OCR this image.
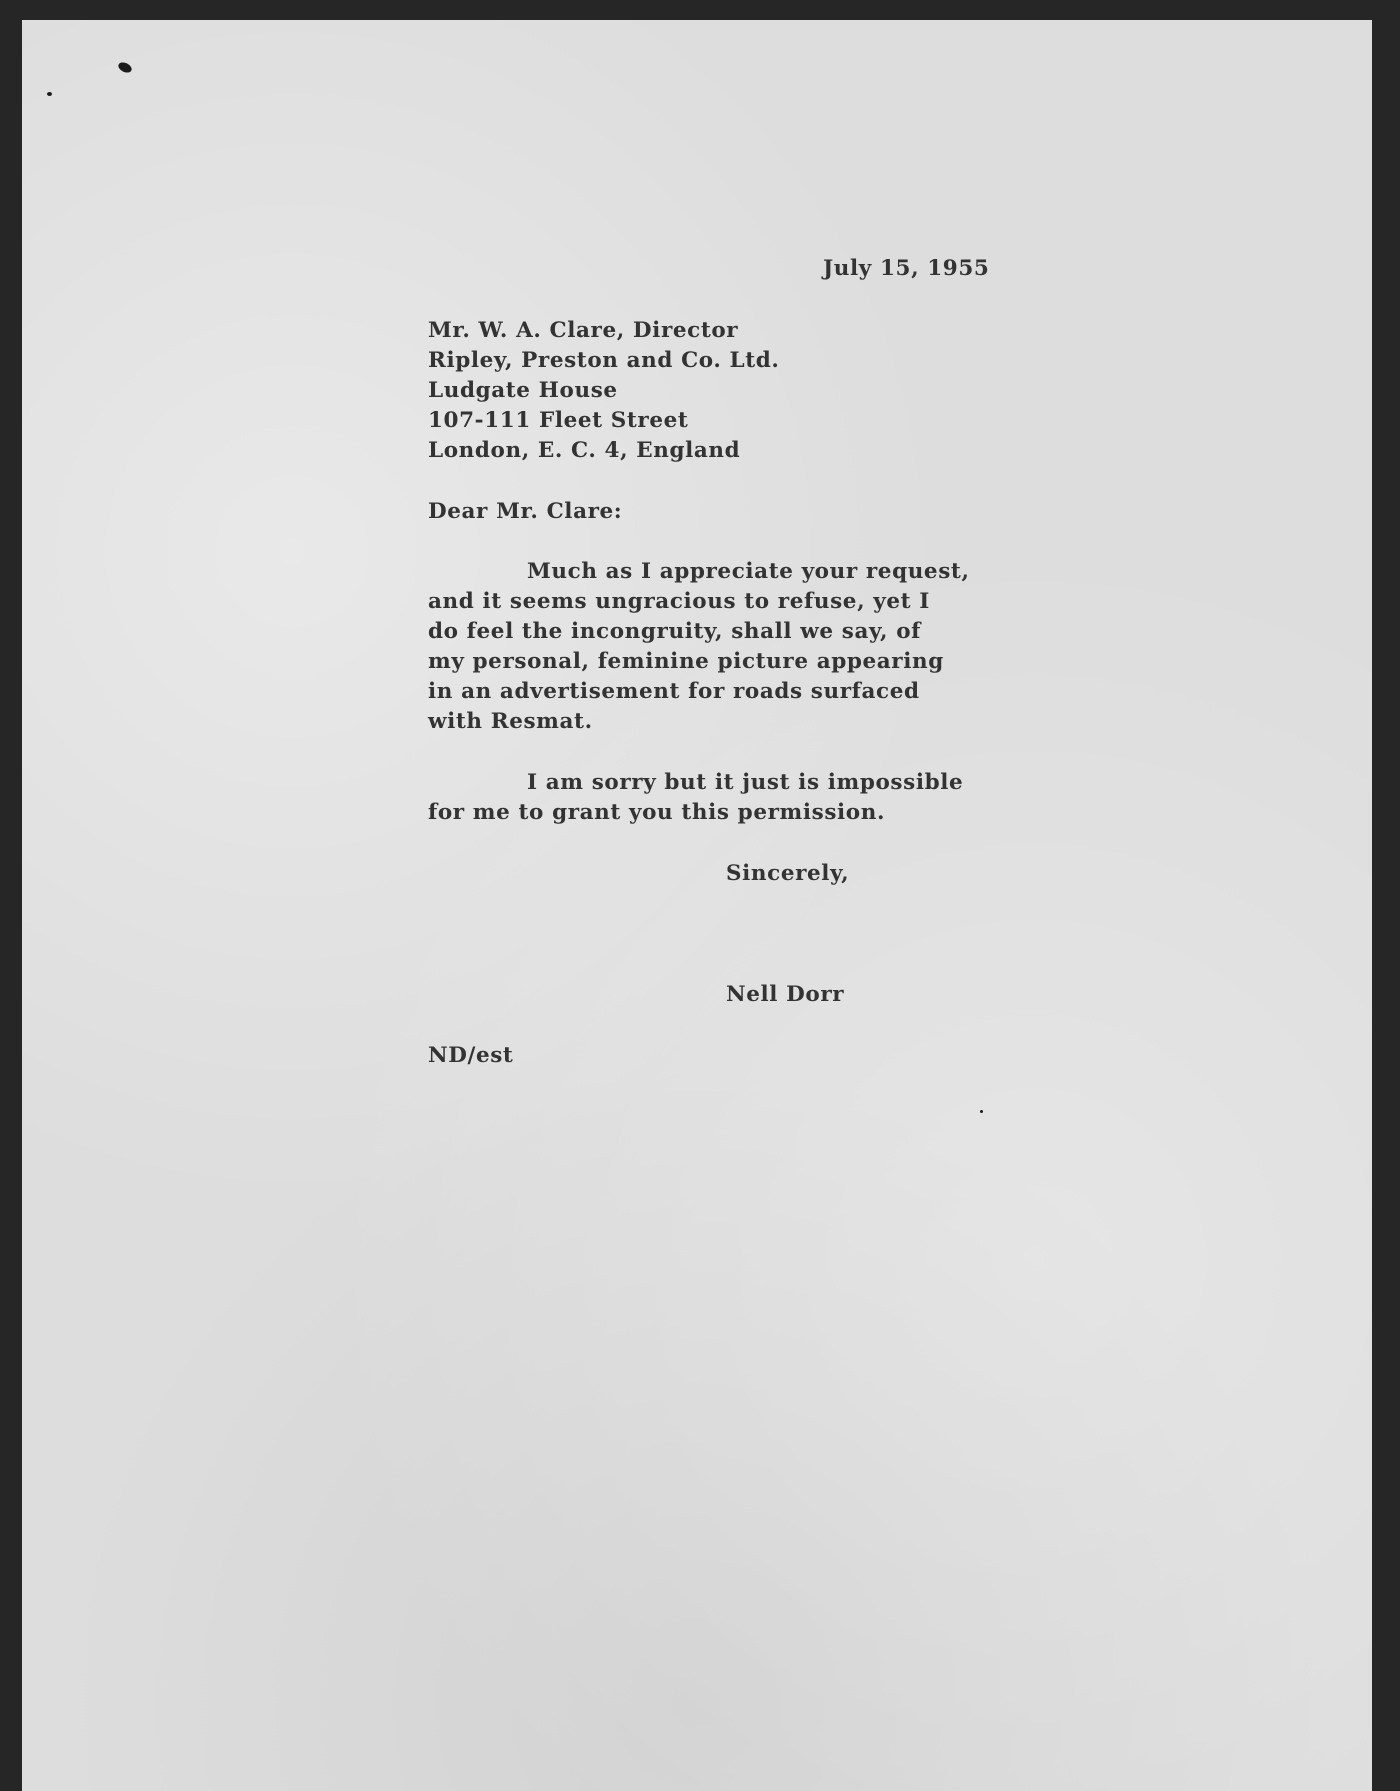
July 15, 1955
Mr. W. A. Clare, Director
Ripley, Preston and Co. Ltd.
Ludgate House
107-111 Fleet Street
London, E. C. 4, England
Dear Mr. Clare:
Much as I appreciate your request,
and it seems ungracious to refuse, yet I
do feel the incongruity, shall we say, of
my personal, feminine picture appearing
in an advertisement for roads surfaced
with Resmat.
I am sorry but it just is impossible
for me to grant you this permission.
Sincerely,
Nell Dorr
ND/est
